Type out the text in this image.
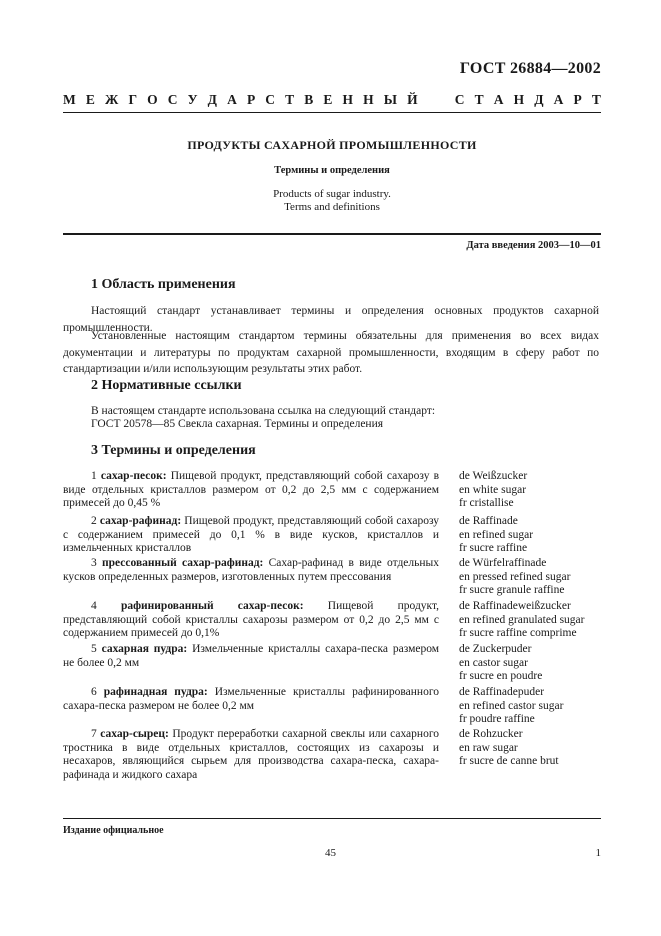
ГОСТ 26884—2002
М Е Ж Г О С У Д А Р С Т В Е Н Н Ы Й

	С Т А Н Д А Р Т
ПРОДУКТЫ САХАРНОЙ ПРОМЫШЛЕННОСТИ
Термины и определения
Products of sugar industry.
Terms and definitions
Дата введения 2003—10—01
1 Область применения

Настоящий стандарт устанавливает термины и определения основных продуктов сахарной промышленности.

Установленные настоящим стандартом термины обязательны для применения во всех видах документации и литературы по продуктам сахарной промышленности, входящим в сферу работ по стандартизации и/или использующим результаты этих работ.

2 Нормативные ссылки

В настоящем стандарте использована ссылка на следующий стандарт:

ГОСТ 20578—85 Свекла сахарная. Термины и определения

3 Термины и определения
1 сахар-песок: Пищевой продукт, представляющий собой сахарозу в виде отдельных кристаллов размером от 0,2 до 2,5 мм с содержанием примесей до 0,45 %
de Weißzucker
en white sugar
fr cristallise
2 сахар-рафинад: Пищевой продукт, представляющий собой сахарозу с содержанием примесей до 0,1 % в виде кусков, кристаллов и измельченных кристаллов
de Raffinade
en refined sugar
fr sucre raffine
3 прессованный сахар-рафинад: Сахар-рафинад в виде отдельных кусков определенных размеров, изготовленных путем прессования
de Würfelraffinade
en pressed refined sugar
fr sucre granule raffine
4 рафинированный сахар-песок: Пищевой продукт, представляющий собой кристаллы сахарозы размером от 0,2 до 2,5 мм с содержанием примесей до 0,1%
de Raffinadeweißzucker
en refined granulated sugar
fr sucre raffine comprime
5 сахарная пудра: Измельченные кристаллы сахара-песка размером не более 0,2 мм
de Zuckerpuder
en castor sugar
fr sucre en poudre
6 рафинадная пудра: Измельченные кристаллы рафинированного сахара-песка размером не более 0,2 мм
de Raffinadepuder
en refined castor sugar
fr poudre raffine
7 сахар-сырец: Продукт переработки сахарной свеклы или сахарного тростника в виде отдельных кристаллов, состоящих из сахарозы и несахаров, являющийся сырьем для производства сахара-песка, сахара-рафинада и жидкого сахара
de Rohzucker
en raw sugar
fr sucre de canne brut
Издание официальное
45	1
